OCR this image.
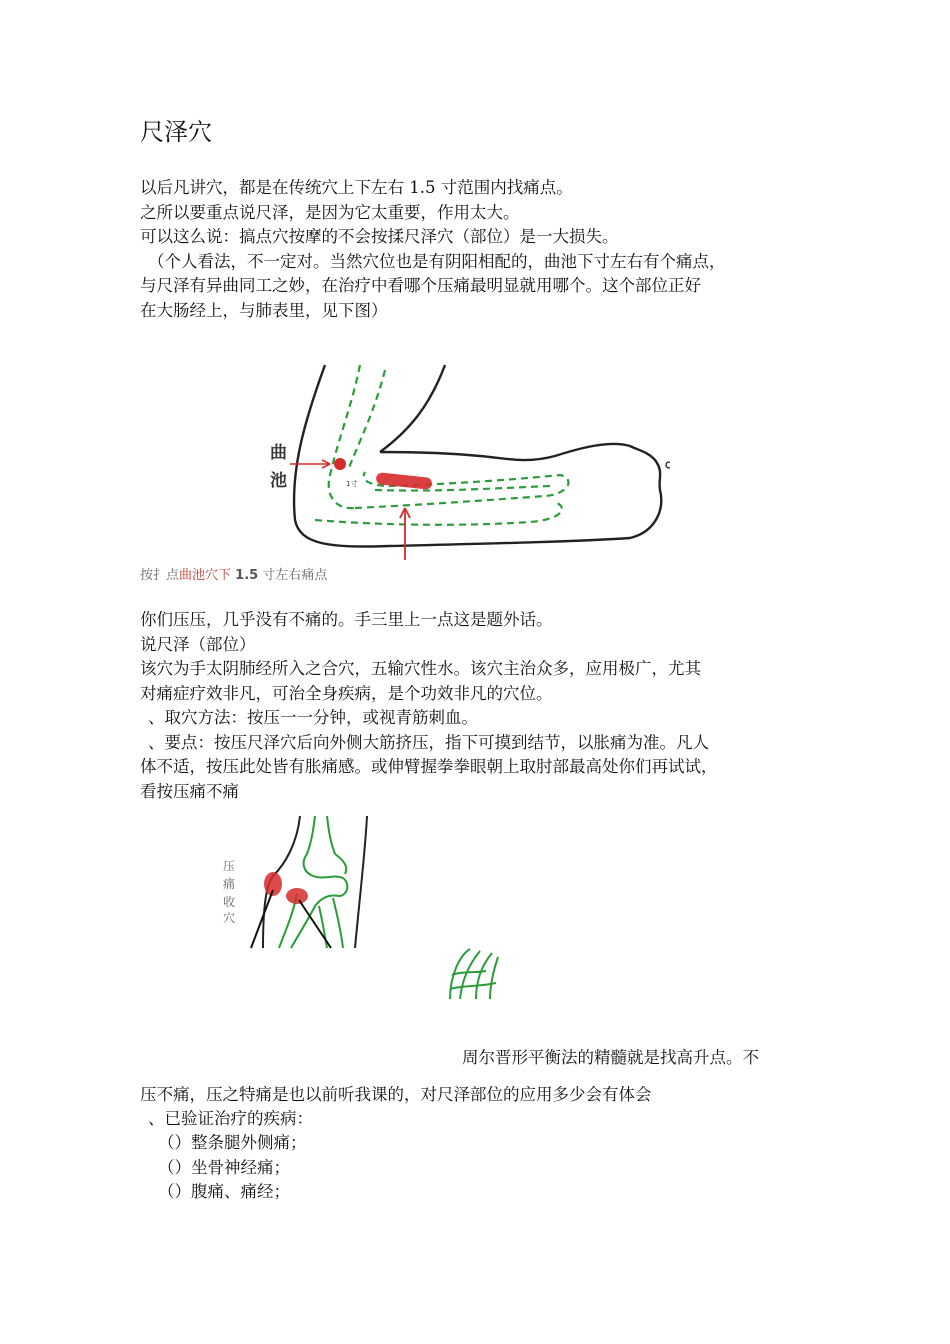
尺泽穴
以后凡讲穴，都是在传统穴上下左右 1.5 寸范围内找痛点。
之所以要重点说尺泽，是因为它太重要，作用太大。
可以这么说：搞点穴按摩的不会按揉尺泽穴（部位）是一大损失。
（个人看法，不一定对。当然穴位也是有阴阳相配的，曲池下寸左右有个痛点，
与尺泽有异曲同工之妙，在治疗中看哪个压痛最明显就用哪个。这个部位正好
在大肠经上，与肺表里，见下图）
曲
池	1寸
按扌点曲池穴下 1.5 寸左右痛点
你们压压，几乎没有不痛的。手三里上一点这是题外话。
说尺泽（部位）
该穴为手太阴肺经所入之合穴，五输穴性水。该穴主治众多，应用极广，尤其
对痛症疗效非凡，可治全身疾病，是个功效非凡的穴位。
、取穴方法：按压一一分钟，或视青筋刺血。
、要点：按压尺泽穴后向外侧大筋挤压，指下可摸到结节，以胀痛为准。凡人
体不适，按压此处皆有胀痛感。或伸臂握拳拳眼朝上取肘部最高处你们再试试，
看按压痛不痛
压
痛
收
穴
周尔晋形平衡法的精髓就是找高升点。不
压不痛，压之特痛是也以前听我课的，对尺泽部位的应用多少会有体会
、已验证治疗的疾病：
（）整条腿外侧痛；
（）坐骨神经痛；
（）腹痛、痛经；
